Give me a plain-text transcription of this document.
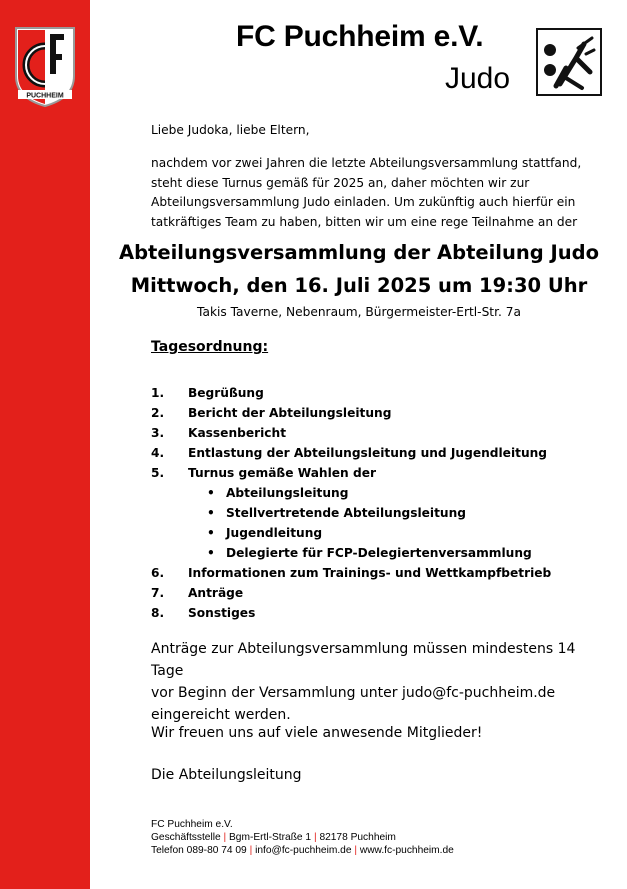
PUCHHEIM
FC Puchheim e.V.
Judo
Liebe Judoka, liebe Eltern,
nachdem vor zwei Jahren die letzte Abteilungsversammlung stattfand,
steht diese Turnus gemäß für 2025 an, daher möchten wir zur
Abteilungsversammlung Judo einladen. Um zukünftig auch hierfür ein
tatkräftiges Team zu haben, bitten wir um eine rege Teilnahme an der
Abteilungsversammlung der Abteilung Judo
Mittwoch, den 16. Juli 2025 um 19:30 Uhr
Takis Taverne, Nebenraum, Bürgermeister-Ertl-Str. 7a
Tagesordnung:
1.	Begrüßung
2.	Bericht der Abteilungsleitung
3.	Kassenbericht
4.	Entlastung der Abteilungsleitung und Jugendleitung
5.	Turnus gemäße Wahlen der
• Abteilungsleitung
• Stellvertretende Abteilungsleitung
• Jugendleitung
• Delegierte für FCP-Delegiertenversammlung
6.	Informationen zum Trainings- und Wettkampfbetrieb
7.	Anträge
8.	Sonstiges
Anträge zur Abteilungsversammlung müssen mindestens 14 Tage
vor Beginn der Versammlung unter judo@fc-puchheim.de
eingereicht werden.
Wir freuen uns auf viele anwesende Mitglieder!
Die Abteilungsleitung
FC Puchheim e.V.
Geschäftsstelle | Bgm-Ertl-Straße 1 | 82178 Puchheim
Telefon 089-80 74 09 | info@fc-puchheim.de | www.fc-puchheim.de
